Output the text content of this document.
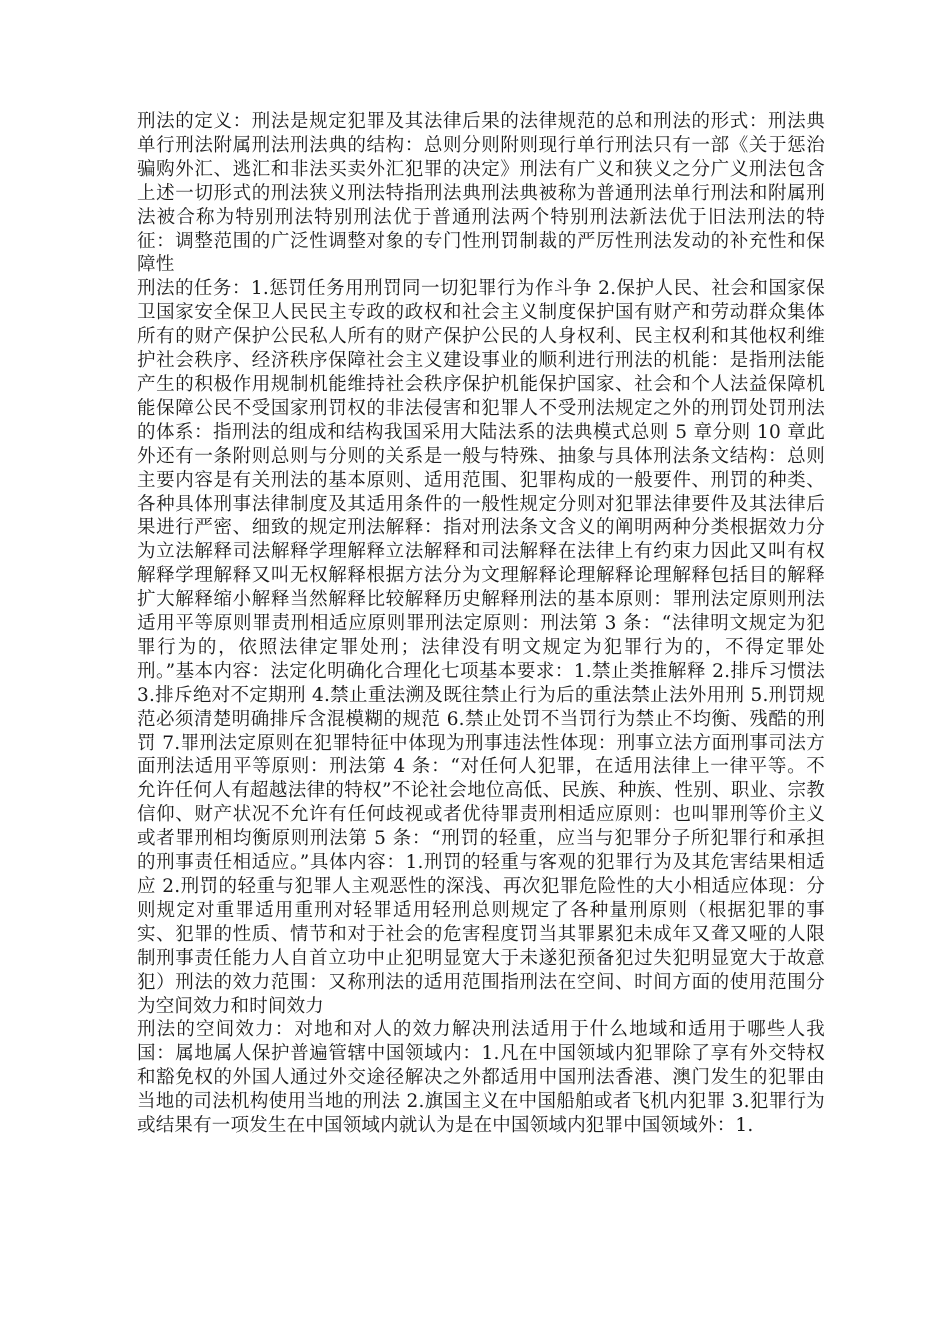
刑法的定义：刑法是规定犯罪及其法律后果的法律规范的总和刑法的形式：刑法典单行刑法附属刑法刑法典的结构：总则分则附则现行单行刑法只有一部《关于惩治骗购外汇、逃汇和非法买卖外汇犯罪的决定》刑法有广义和狭义之分广义刑法包含上述一切形式的刑法狭义刑法特指刑法典刑法典被称为普通刑法单行刑法和附属刑法被合称为特别刑法特别刑法优于普通刑法两个特别刑法新法优于旧法刑法的特征：调整范围的广泛性调整对象的专门性刑罚制裁的严厉性刑法发动的补充性和保障性

刑法的任务：1.惩罚任务用刑罚同一切犯罪行为作斗争 2.保护人民、社会和国家保卫国家安全保卫人民民主专政的政权和社会主义制度保护国有财产和劳动群众集体所有的财产保护公民私人所有的财产保护公民的人身权利、民主权利和其他权利维护社会秩序、经济秩序保障社会主义建设事业的顺利进行刑法的机能：是指刑法能产生的积极作用规制机能维持社会秩序保护机能保护国家、社会和个人法益保障机能保障公民不受国家刑罚权的非法侵害和犯罪人不受刑法规定之外的刑罚处罚刑法的体系：指刑法的组成和结构我国采用大陆法系的法典模式总则 5 章分则 10 章此外还有一条附则总则与分则的关系是一般与特殊、抽象与具体刑法条文结构：总则主要内容是有关刑法的基本原则、适用范围、犯罪构成的一般要件、刑罚的种类、各种具体刑事法律制度及其适用条件的一般性规定分则对犯罪法律要件及其法律后果进行严密、细致的规定刑法解释：指对刑法条文含义的阐明两种分类根据效力分为立法解释司法解释学理解释立法解释和司法解释在法律上有约束力因此又叫有权解释学理解释又叫无权解释根据方法分为文理解释论理解释论理解释包括目的解释扩大解释缩小解释当然解释比较解释历史解释刑法的基本原则：罪刑法定原则刑法适用平等原则罪责刑相适应原则罪刑法定原则：刑法第 3 条：“法律明文规定为犯罪行为的，依照法律定罪处刑；法律没有明文规定为犯罪行为的，不得定罪处刑。”基本内容：法定化明确化合理化七项基本要求：1.禁止类推解释 2.排斥习惯法 3.排斥绝对不定期刑 4.禁止重法溯及既往禁止行为后的重法禁止法外用刑 5.刑罚规范必须清楚明确排斥含混模糊的规范 6.禁止处罚不当罚行为禁止不均衡、残酷的刑罚 7.罪刑法定原则在犯罪特征中体现为刑事违法性体现：刑事立法方面刑事司法方面刑法适用平等原则：刑法第 4 条：“对任何人犯罪，在适用法律上一律平等。不允许任何人有超越法律的特权”不论社会地位高低、民族、种族、性别、职业、宗教信仰、财产状况不允许有任何歧视或者优待罪责刑相适应原则：也叫罪刑等价主义或者罪刑相均衡原则刑法第 5 条：“刑罚的轻重，应当与犯罪分子所犯罪行和承担的刑事责任相适应。”具体内容：1.刑罚的轻重与客观的犯罪行为及其危害结果相适应 2.刑罚的轻重与犯罪人主观恶性的深浅、再次犯罪危险性的大小相适应体现：分则规定对重罪适用重刑对轻罪适用轻刑总则规定了各种量刑原则（根据犯罪的事实、犯罪的性质、情节和对于社会的危害程度罚当其罪累犯未成年又聋又哑的人限制刑事责任能力人自首立功中止犯明显宽大于未遂犯预备犯过失犯明显宽大于故意犯）刑法的效力范围：又称刑法的适用范围指刑法在空间、时间方面的使用范围分为空间效力和时间效力

刑法的空间效力：对地和对人的效力解决刑法适用于什么地域和适用于哪些人我国：属地属人保护普遍管辖中国领域内：1.凡在中国领域内犯罪除了享有外交特权和豁免权的外国人通过外交途径解决之外都适用中国刑法香港、澳门发生的犯罪由当地的司法机构使用当地的刑法 2.旗国主义在中国船舶或者飞机内犯罪 3.犯罪行为或结果有一项发生在中国领域内就认为是在中国领域内犯罪中国领域外：1.
